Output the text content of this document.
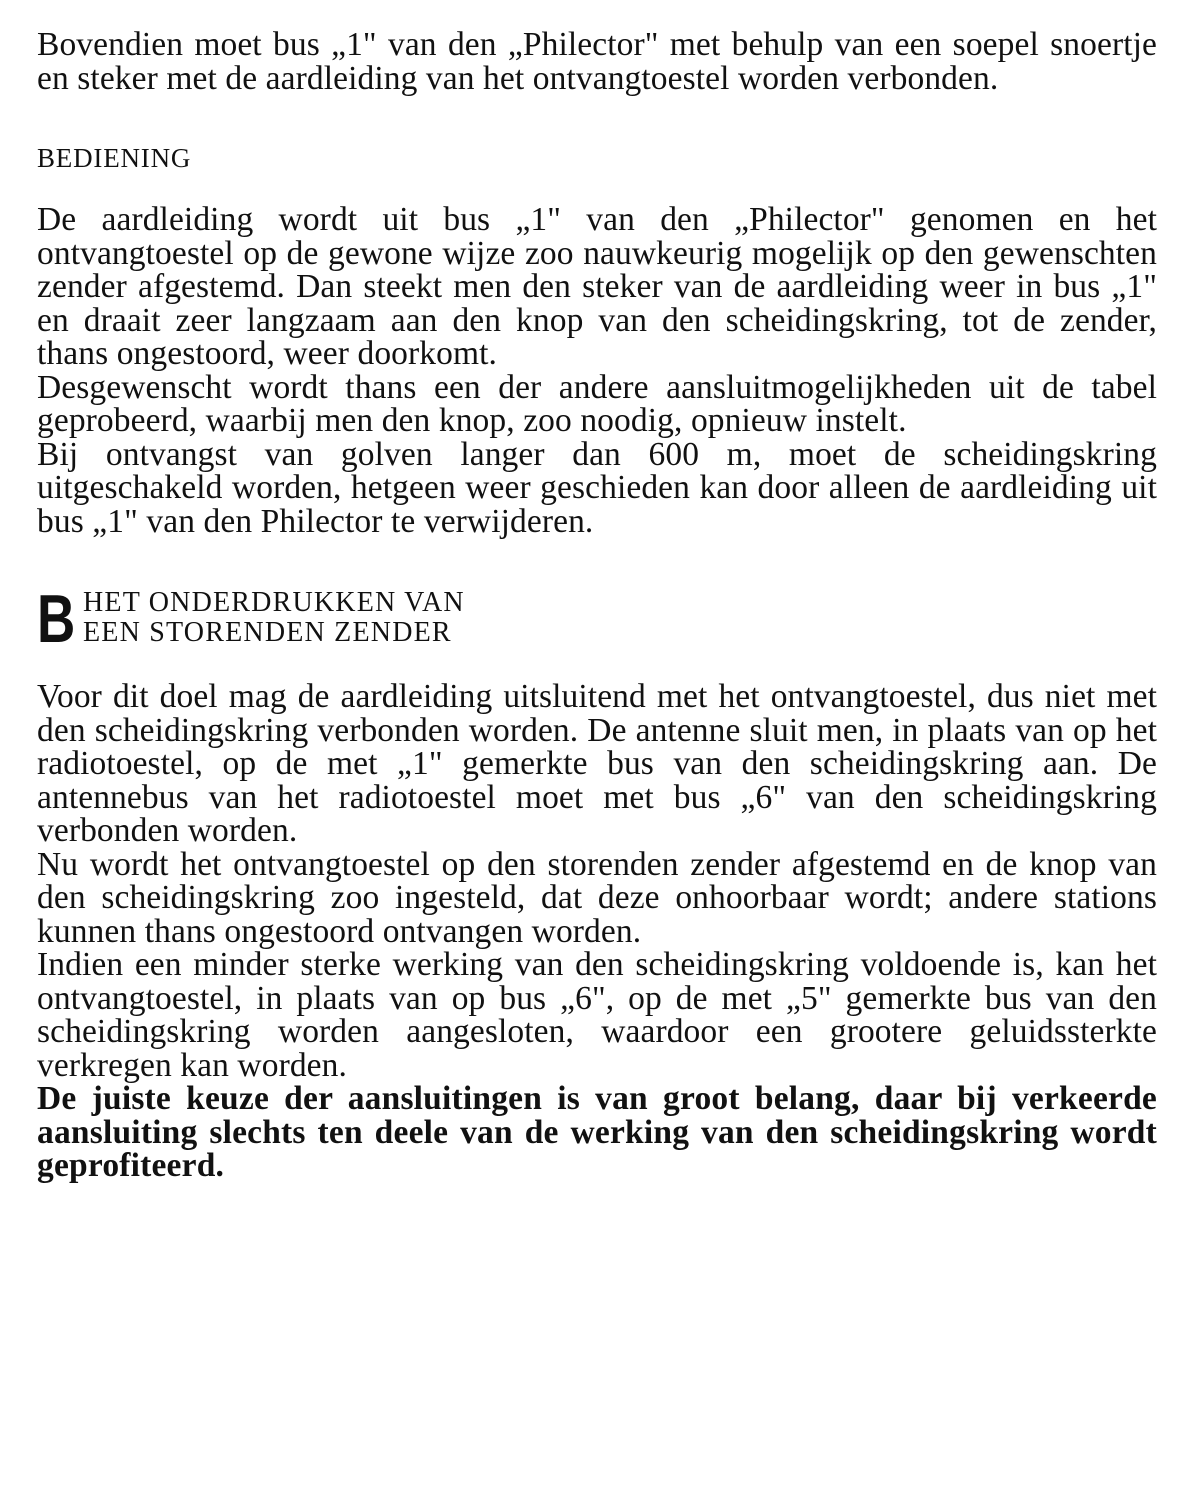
Bovendien moet bus „1" van den „Philector" met behulp van een soepel snoertje en steker met de aardleiding van het ontvangtoestel worden verbonden.

BEDIENING

De aardleiding wordt uit bus „1" van den „Philector" genomen en het ontvangtoestel op de gewone wijze zoo nauwkeurig mogelijk op den gewenschten zender afgestemd. Dan steekt men den steker van de aardleiding weer in bus „1" en draait zeer langzaam aan den knop van den scheidingskring, tot de zender, thans ongestoord, weer doorkomt.

Desgewenscht wordt thans een der andere aansluitmogelijkheden uit de tabel geprobeerd, waarbij men den knop, zoo noodig, opnieuw instelt.

Bij ontvangst van golven langer dan 600 m, moet de scheidingskring uitgeschakeld worden, hetgeen weer geschieden kan door alleen de aardleiding uit bus „1" van den Philector te verwijderen.

B HET ONDERDRUKKEN VAN
EEN STORENDEN ZENDER

Voor dit doel mag de aardleiding uitsluitend met het ontvangtoestel, dus niet met den scheidingskring verbonden worden. De antenne sluit men, in plaats van op het radiotoestel, op de met „1" gemerkte bus van den scheidingskring aan. De antennebus van het radiotoestel moet met bus „6" van den scheidingskring verbonden worden.

Nu wordt het ontvangtoestel op den storenden zender afgestemd en de knop van den scheidingskring zoo ingesteld, dat deze onhoorbaar wordt; andere stations kunnen thans ongestoord ontvangen worden.

Indien een minder sterke werking van den scheidingskring voldoende is, kan het ontvangtoestel, in plaats van op bus „6", op de met „5" gemerkte bus van den scheidingskring worden aangesloten, waardoor een grootere geluidssterkte verkregen kan worden.

De juiste keuze der aansluitingen is van groot belang, daar bij verkeerde aansluiting slechts ten deele van de werking van den scheidingskring wordt geprofiteerd.
